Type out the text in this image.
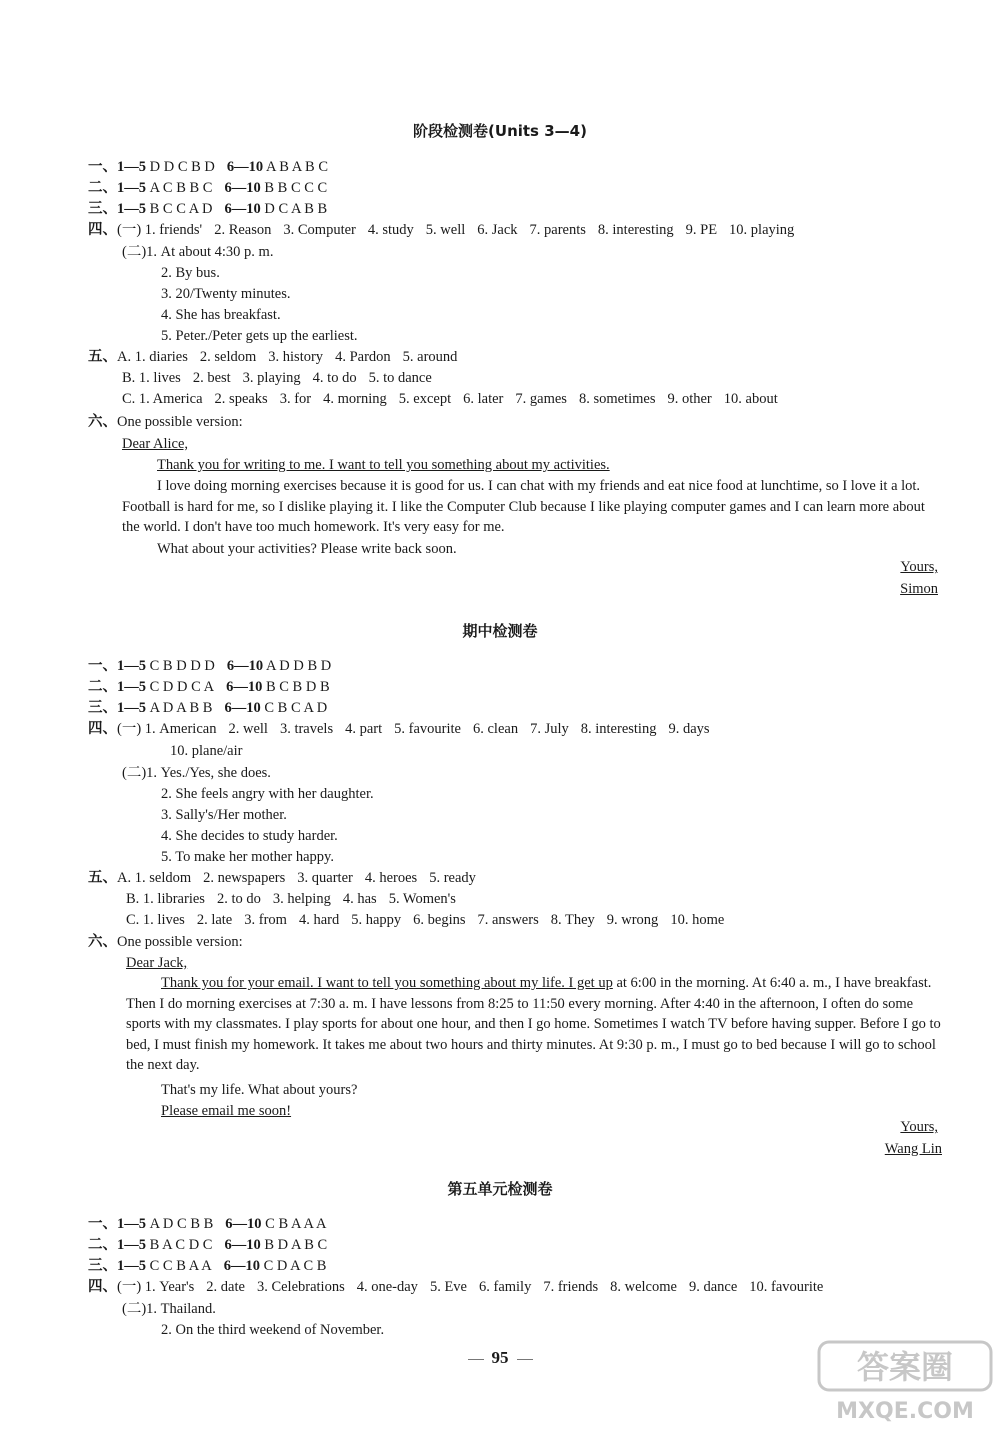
阶段检测卷(Units 3—4)
一、1—5 D D C B D 6—10 A B A B C
二、1—5 A C B B C 6—10 B B C C C
三、1—5 B C C A D 6—10 D C A B B
四、(一) 1. friends' 2. Reason 3. Computer 4. study 5. well 6. Jack 7. parents 8. interesting 9. PE 10. playing
(二)1. At about 4:30 p. m.
2. By bus.
3. 20/Twenty minutes.
4. She has breakfast.
5. Peter./Peter gets up the earliest.
五、A. 1. diaries 2. seldom 3. history 4. Pardon 5. around
B. 1. lives 2. best 3. playing 4. to do 5. to dance
C. 1. America 2. speaks 3. for 4. morning 5. except 6. later 7. games 8. sometimes 9. other 10. about
六、One possible version:
Dear Alice,
Thank you for writing to me. I want to tell you something about my activities.
I love doing morning exercises because it is good for us. I can chat with my friends and eat nice food at lunchtime, so I love it a lot. Football is hard for me, so I dislike playing it. I like the Computer Club because I like playing computer games and I can learn more about the world. I don't have too much homework. It's very easy for me.
What about your activities? Please write back soon.
Yours,
Simon
期中检测卷
一、1—5 C B D D D 6—10 A D D B D
二、1—5 C D D C A 6—10 B C B D B
三、1—5 A D A B B 6—10 C B C A D
四、(一) 1. American 2. well 3. travels 4. part 5. favourite 6. clean 7. July 8. interesting 9. days
10. plane/air
(二)1. Yes./Yes, she does.
2. She feels angry with her daughter.
3. Sally's/Her mother.
4. She decides to study harder.
5. To make her mother happy.
五、A. 1. seldom 2. newspapers 3. quarter 4. heroes 5. ready
B. 1. libraries 2. to do 3. helping 4. has 5. Women's
C. 1. lives 2. late 3. from 4. hard 5. happy 6. begins 7. answers 8. They 9. wrong 10. home
六、One possible version:
Dear Jack,
Thank you for your email. I want to tell you something about my life. I get up at 6:00 in the morning. At 6:40 a. m., I have breakfast. Then I do morning exercises at 7:30 a. m. I have lessons from 8:25 to 11:50 every morning. After 4:40 in the afternoon, I often do some sports with my classmates. I play sports for about one hour, and then I go home. Sometimes I watch TV before having supper. Before I go to bed, I must finish my homework. It takes me about two hours and thirty minutes. At 9:30 p. m., I must go to bed because I will go to school the next day.
That's my life. What about yours?
Please email me soon!
Yours,
Wang Lin
第五单元检测卷
一、1—5 A D C B B 6—10 C B A A A
二、1—5 B A C D C 6—10 B D A B C
三、1—5 C C B A A 6—10 C D A C B
四、(一) 1. Year's 2. date 3. Celebrations 4. one-day 5. Eve 6. family 7. friends 8. welcome 9. dance 10. favourite
(二)1. Thailand.
2. On the third weekend of November.
95	答案圈
MXQE.COM
